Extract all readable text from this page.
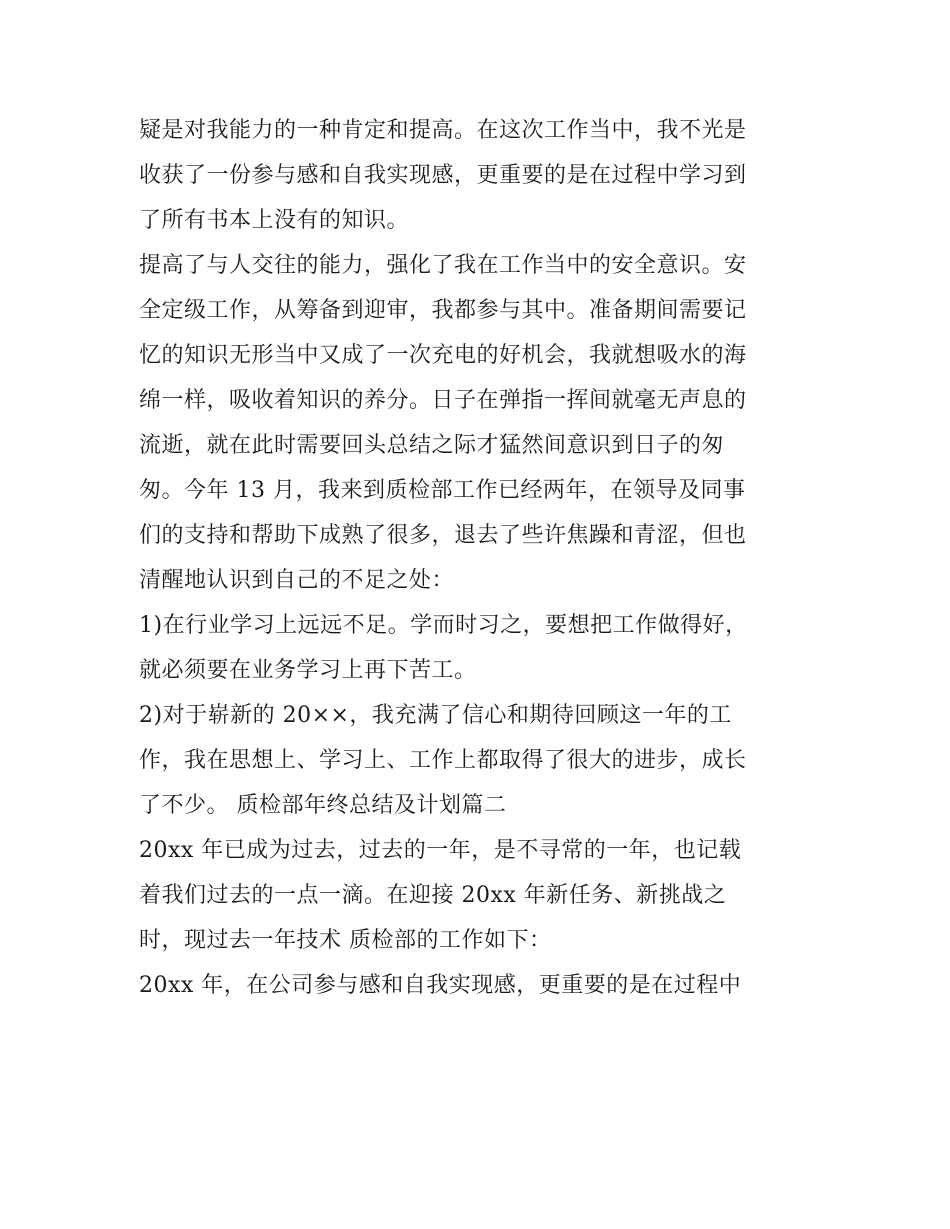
疑是对我能力的一种肯定和提高。在这次工作当中，我不光是
收获了一份参与感和自我实现感，更重要的是在过程中学习到
了所有书本上没有的知识。
提高了与人交往的能力，强化了我在工作当中的安全意识。安
全定级工作，从筹备到迎审，我都参与其中。准备期间需要记
忆的知识无形当中又成了一次充电的好机会，我就想吸水的海
绵一样，吸收着知识的养分。日子在弹指一挥间就毫无声息的
流逝，就在此时需要回头总结之际才猛然间意识到日子的匆
匆。今年 13 月，我来到质检部工作已经两年，在领导及同事
们的支持和帮助下成熟了很多，退去了些许焦躁和青涩，但也
清醒地认识到自己的不足之处：
1)在行业学习上远远不足。学而时习之，要想把工作做得好，
就必须要在业务学习上再下苦工。
2)对于崭新的 20××，我充满了信心和期待回顾这一年的工
作，我在思想上、学习上、工作上都取得了很大的进步，成长
了不少。 质检部年终总结及计划篇二
20xx 年已成为过去，过去的一年，是不寻常的一年，也记载
着我们过去的一点一滴。在迎接 20xx 年新任务、新挑战之
时，现过去一年技术 质检部的工作如下：
20xx 年，在公司参与感和自我实现感，更重要的是在过程中
